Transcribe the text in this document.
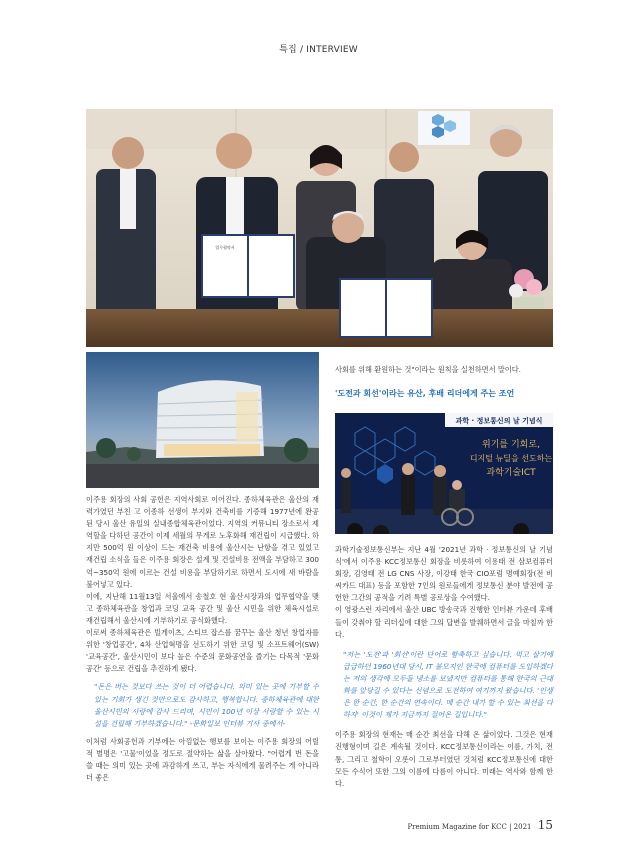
특집 / INTERVIEW
업무협약서
과학 · 정보통신의 날 기념식
위기를 기회로,
디지털 뉴딜을 선도하는
과학기술ICT

사회를 위해 환원하는 것"이라는 원칙을 실천하면서 말이다.

'도전과 회선'이라는 유산, 후배 리더에게 주는 조언

이주용 회장의 사회 공헌은 지역사회로 이어진다. 종하체육관은 울산의 재력가였던 부친 고 이종하 선생이 부지와 건축비를 기증해 1977년에 완공된 당시 울산 유일의 실내종합체육관이었다. 지역의 커뮤니티 장소로서 제 역할을 다하던 공간이 이제 세월의 무게로 노후화해 재건립이 시급했다. 하지만 500억 원 이상이 드는 재건축 비용에 울산시는 난항을 겪고 있었고 재건립 소식을 들은 이주용 회장은 설계 및 건설비용 전액을 부담하고 300억~350억 원에 이르는 건설 비용을 부담하기로 하면서 도시에 새 바람을 불어넣고 있다.

이에, 지난해 11월13일 서울에서 송철호 현 울산시장과의 업무협약을 맺고 종하체육관을 창업과 코딩 교육 공간 및 울산 시민을 위한 체육시설로 재건립해서 울산시에 기부하기로 공식화했다.

이로써 종하체육관은 빌게이츠, 스티브 잡스를 꿈꾸는 울산 청년 창업자를 위한 '창업공간', 4차 산업혁명을 선도하기 위한 코딩 및 소프트웨어(SW) '교육공간', 울산시민이 보다 높은 수준의 문화공연을 즐기는 다목적 '문화공간' 등으로 건립을 추진하게 됐다.

"돈은 버는 것보다 쓰는 것이 더 어렵습니다. 의미 있는 곳에 기부할 수 있는 기회가 생긴 것만으로도 감사하고, 행복합니다. 종하체육관에 대한 울산시민의 사랑에 감사 드리며, 시민이 100년 이상 사랑할 수 있는 시설을 건립해 기부하겠습니다." -문화일보 인터뷰 기사 중에서-

이처럼 사회공헌과 기부에는 아낌없는 행보를 보이는 이주용 회장의 어릴 적 별명은 '고물'이었을 정도로 절약하는 삶을 살아왔다. "어렵게 번 돈을 쓸 때는 의미 있는 곳에 과감하게 쓰고, 부는 자식에게 물려주는 게 아니라 더 좋은

과학기술정보통신부는 지난 4월 '2021년 과학 · 정보통신의 날 기념식'에서 이주용 KCC정보통신 회장을 비롯하여 이용태 전 삼보컴퓨터 회장, 김영태 전 LG CNS 사장, 이강태 한국 CIO포럼 명예회장(전 비씨카드 대표) 등을 포함한 7인의 원로들에게 정보통신 분야 발전에 공헌한 그간의 공적을 기려 특별 공로상을 수여했다.

이 영광스런 자리에서 울산 UBC 방송국과 진행한 인터뷰 가운데 후배들이 갖춰야 할 리더십에 대한 그의 답변을 발췌하면서 글을 마칠까 한다.

"저는 '도전'과 '회선'이란 단어로 함축하고 싶습니다. 먹고 살기에 급급하던 1960년대 당시, IT 불모지인 한국에 컴퓨터를 도입하겠다는 저의 생각에 모두들 냉소를 보냈지만 컴퓨터를 통해 한국의 근대화를 앞당길 수 있다는 신념으로 도전하여 여기까지 왔습니다. '인생은 한 순간, 한 순간의 연속이다. 매 순간 내가 할 수 있는 최선을 다하자' 이것이 제가 지금까지 걸어온 길입니다."

이주용 회장의 현재는 매 순간 최선을 다해 온 삶이었다. 그것은 현재진행형이며 길은 계속될 것이다. KCC정보통신이라는 이름, 가치, 전통, 그리고 철학이 오롯이 그로부터였던 것처럼 KCC정보통신에 대한 모든 수식어 또한 그의 이름에 다름이 아니다. 미래는 역사와 함께 한다.

Premium Magazine for KCC | 2021 15
